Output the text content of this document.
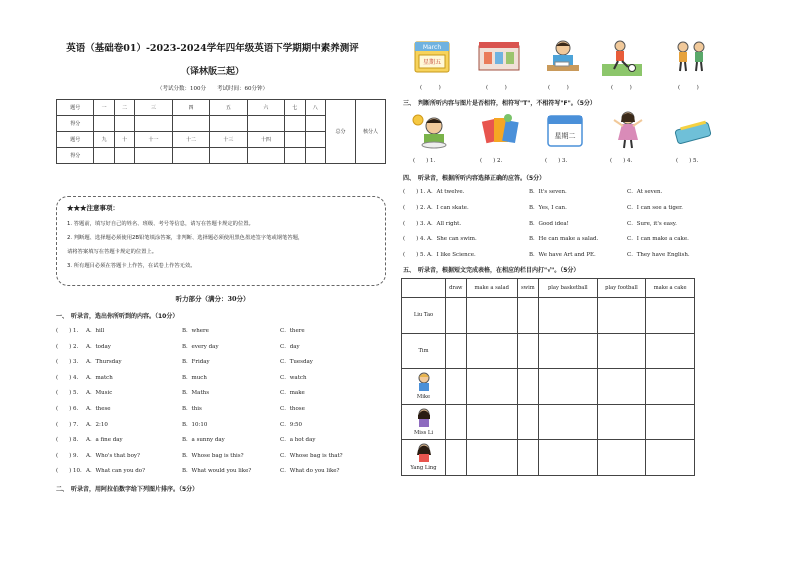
英语（基础卷01）-2023-2024学年四年级英语下学期期中素养测评
（译林版三起）
（考试分数：100分　　考试时间：60分钟）
题号	一	二	三	四	五	六	七	八	总分	核分人
得分										
题号	九	十	十一	十二	十三	十四				
得分										
★★★注意事项：
1. 答题前，填写好自己的姓名、班级、考号等信息，请写在答题卡规定的位置。
2. 判断题、选择题必须使用2B铅笔填涂答案，非判断、选择题必须使用黑色墨迹签字笔或钢笔答题，
请将答案填写在答题卡规定的位置上。
3. 所有题目必须在答题卡上作答，在试卷上作答无效。
听力部分（满分：30分）
一、　听录音，选出你所听到的内容。（10分）
(　　) 1. A．hill	B．where	C．there
(　　) 2. A．today	B．every day	C．day
(　　) 3. A．Thursday	B．Friday	C．Tuesday
(　　) 4. A．match	B．much	C．watch
(　　) 5. A．Music	B．Maths	C．make
(　　) 6. A．these	B．this	C．those
(　　) 7. A．2:10	B．10:10	C．9:50
(　　) 8. A．a fine day	B．a sunny day	C．a hot day
(　　) 9. A．Who's that boy?	B．Whose bag is this?	C．Whose bag is that?
(　　) 10. A．What can you do?	B．What would you like?	C．What do you like?
二、　听录音，用阿拉伯数字给下列图片排序。（5分）
March
星期五
(　　　)	(　　　)	(　　　)	(　　　)	(　　　)
三、　判断所听内容与图片是否相符，相符写"T"，不相符写"F"。（5分）
星期二
(　　) 1.	(　　) 2.	(　　) 3.	(　　) 4.	(　　) 5.
四、　听录音，根据所听内容选择正确的应答。（5分）
(　　) 1. A．At twelve.	B．It's seven.	C．At seven.
(　　) 2. A．I can skate.	B．Yes, I can.	C．I can see a tiger.
(　　) 3. A．All right.	B．Good idea!	C．Sure, it's easy.
(　　) 4. A．She can swim.	B．He can make a salad.	C．I can make a cake.
(　　) 5. A．I like Science.	B．We have Art and PE.	C．They have English.
五、　听录音，根据短文完成表格，在相应的栏目内打"√"。（5分）
	draw	make a salad	swim	play basketball	play football	make a cake
Liu Tao						
Tim						

Mike						

Miss Li						

Yang Ling						
